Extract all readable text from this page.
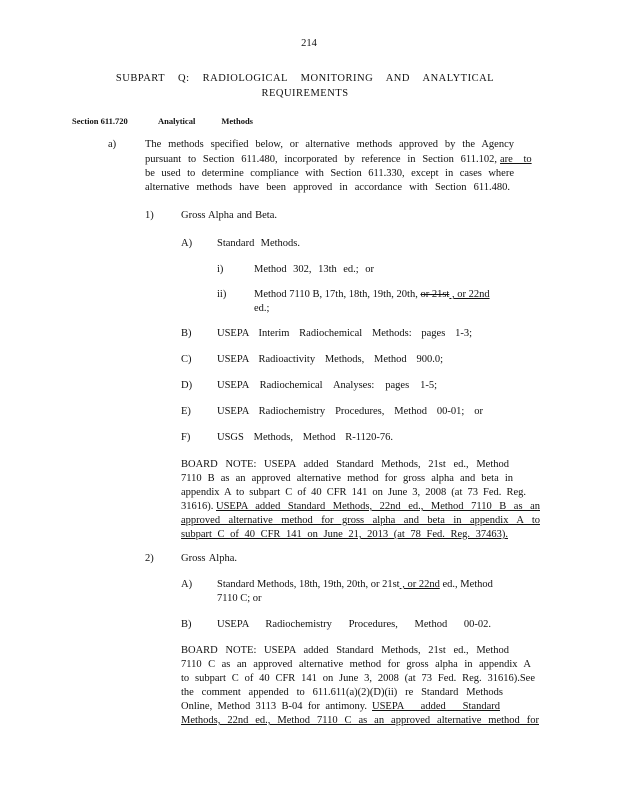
214
SUBPART Q: RADIOLOGICAL MONITORING AND ANALYTICAL
REQUIREMENTS
Section 611.720	Analytical Methods
a)	The methods specified below, or alternative methods approved by the Agency
pursuant to Section 611.480, incorporated by reference in Section 611.102, are to
be used to determine compliance with Section 611.330, except in cases where
alternative methods have been approved in accordance with Section 611.480.
1)	Gross Alpha and Beta.
A) Standard Methods.
i)	Method 302, 13th ed.; or
ii)	Method 7110 B, 17th, 18th, 19th, 20th, or 21st , or 22nd
ed.;
B) USEPA Interim Radiochemical Methods: pages 1-3;
C) USEPA Radioactivity Methods, Method 900.0;
D) USEPA Radiochemical Analyses: pages 1-5;
E) USEPA Radiochemistry Procedures, Method 00-01; or
F)	USGS Methods, Method R-1120-76.
BOARD NOTE: USEPA added Standard Methods, 21st ed., Method
7110 B as an approved alternative method for gross alpha and beta in
appendix A to subpart C of 40 CFR 141 on June 3, 2008 (at 73 Fed. Reg.
31616). USEPA added Standard Methods, 22nd ed., Method 7110 B as an
approved alternative method for gross alpha and beta in appendix A to
subpart C of 40 CFR 141 on June 21, 2013 (at 78 Fed. Reg. 37463).
2)	Gross Alpha.
A) Standard Methods, 18th, 19th, 20th, or 21st , or 22nd ed., Method
7110 C; or
B) USEPA Radiochemistry Procedures, Method 00-02.
BOARD NOTE: USEPA added Standard Methods, 21st ed., Method
7110 C as an approved alternative method for gross alpha in appendix A
to subpart C of 40 CFR 141 on June 3, 2008 (at 73 Fed. Reg. 31616).See
the comment appended to 611.611(a)(2)(D)(ii) re Standard Methods
Online, Method 3113 B-04 for antimony. USEPA added Standard
Methods, 22nd ed., Method 7110 C as an approved alternative method for
